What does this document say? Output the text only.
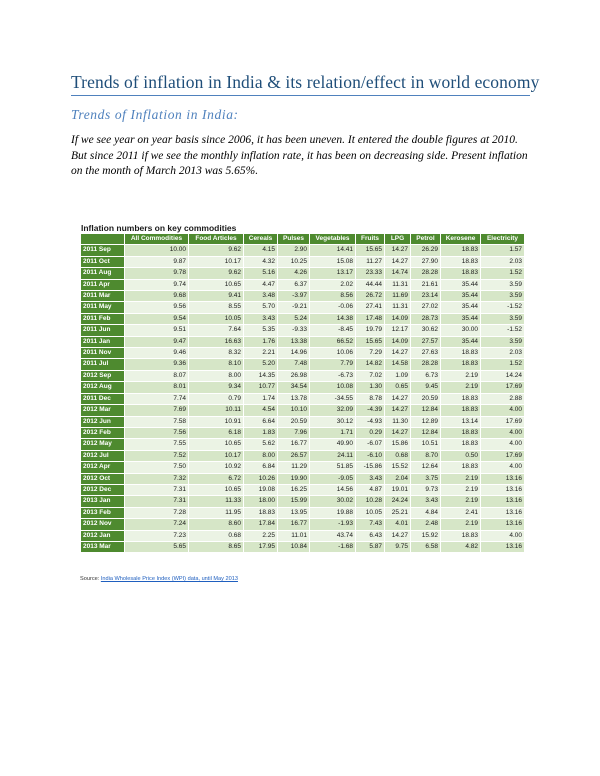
Trends of inflation in India & its relation/effect in world economy
Trends of Inflation in India:

If we see year on year basis since 2006, it has been uneven. It entered the double figures at 2010. But since 2011 if we see the monthly inflation rate, it has been on decreasing side. Present inflation on the month of March 2013 was 5.65%.

Inflation numbers on key commodities
	All Commodities	Food Articles	Cereals	Pulses	Vegetables	Fruits	LPG	Petrol	Kerosene	Electricity
2011 Sep	10.00	9.62	4.15	2.90	14.41	15.65	14.27	26.29	18.83	1.57
2011 Oct	9.87	10.17	4.32	10.25	15.08	11.27	14.27	27.90	18.83	2.03
2011 Aug	9.78	9.62	5.16	4.26	13.17	23.33	14.74	28.28	18.83	1.52
2011 Apr	9.74	10.65	4.47	6.37	2.02	44.44	11.31	21.61	35.44	3.59
2011 Mar	9.68	9.41	3.48	-3.97	8.56	26.72	11.69	23.14	35.44	3.59
2011 May	9.56	8.55	5.70	-9.21	-0.06	27.41	11.31	27.02	35.44	-1.52
2011 Feb	9.54	10.05	3.43	5.24	14.38	17.48	14.09	28.73	35.44	3.59
2011 Jun	9.51	7.64	5.35	-9.33	-8.45	19.79	12.17	30.62	30.00	-1.52
2011 Jan	9.47	16.63	1.76	13.38	66.52	15.65	14.09	27.57	35.44	3.59
2011 Nov	9.46	8.32	2.21	14.96	10.06	7.29	14.27	27.63	18.83	2.03
2011 Jul	9.36	8.10	5.20	7.48	7.79	14.82	14.58	28.28	18.83	1.52
2012 Sep	8.07	8.00	14.35	26.98	-6.73	7.02	1.09	6.73	2.19	14.24
2012 Aug	8.01	9.34	10.77	34.54	10.08	1.30	0.65	9.45	2.19	17.69
2011 Dec	7.74	0.79	1.74	13.78	-34.55	8.78	14.27	20.59	18.83	2.88
2012 Mar	7.69	10.11	4.54	10.10	32.09	-4.39	14.27	12.84	18.83	4.00
2012 Jun	7.58	10.91	6.64	20.59	30.12	-4.93	11.30	12.89	13.14	17.69
2012 Feb	7.56	6.18	1.83	7.96	1.71	0.29	14.27	12.84	18.83	4.00
2012 May	7.55	10.65	5.62	16.77	49.90	-6.07	15.86	10.51	18.83	4.00
2012 Jul	7.52	10.17	8.00	26.57	24.11	-6.10	0.68	8.70	0.50	17.69
2012 Apr	7.50	10.92	6.84	11.29	51.85	-15.86	15.52	12.64	18.83	4.00
2012 Oct	7.32	6.72	10.26	19.90	-9.05	3.43	2.04	3.75	2.19	13.16
2012 Dec	7.31	10.65	19.08	16.25	14.56	4.87	19.01	9.73	2.19	13.16
2013 Jan	7.31	11.33	18.00	15.99	30.02	10.28	24.24	3.43	2.19	13.16
2013 Feb	7.28	11.95	18.83	13.95	19.88	10.05	25.21	4.84	2.41	13.16
2012 Nov	7.24	8.60	17.84	16.77	-1.93	7.43	4.01	2.48	2.19	13.16
2012 Jan	7.23	0.68	2.25	11.01	43.74	6.43	14.27	15.92	18.83	4.00
2013 Mar	5.65	8.65	17.95	10.84	-1.68	5.87	9.75	6.58	4.82	13.16
Source: India Wholesale Price Index (WPI) data, until May 2013
